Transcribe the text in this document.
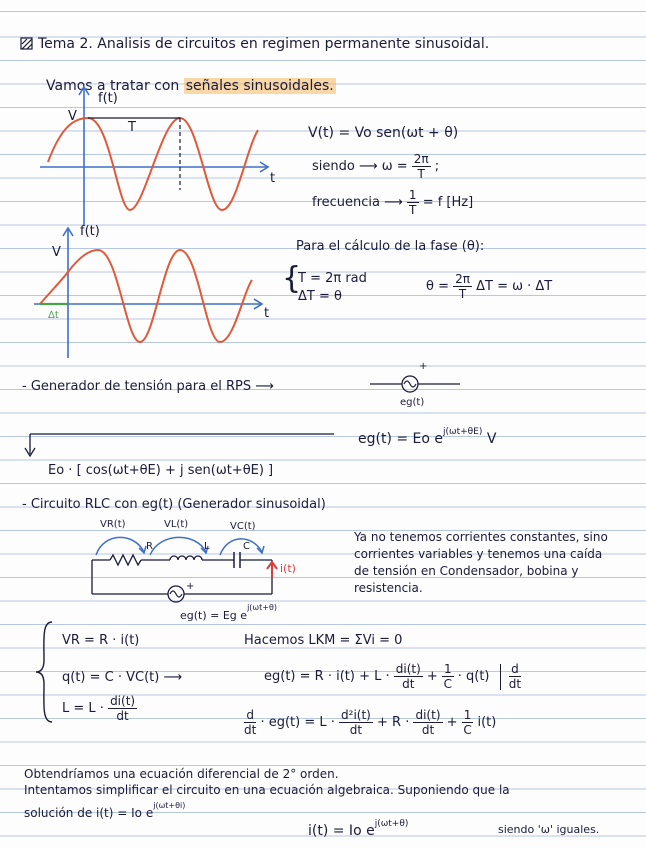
Tema 2. Analisis de circuitos en regimen permanente sinusoidal.
Vamos a tratar con señales sinusoidales.
f(t)
V
T
t
V(t) = Vo sen(ωt + θ)
siendo ⟶ $\omega = \frac{2\pi}{T}$ ;
frecuencia ⟶ $\frac{1}{T} = f$ [Hz]
f(t)
V
Δt	t
Para el cálculo de la fase (θ):
{
T = 2π rad
ΔT = θ
$\theta = \frac{2\pi}{T}$ ΔT = ω · ΔT
- Generador de tensión para el RPS ⟶
+
eg(t)
eg(t) = Eo $e^{j(\omega t+\theta E)}$ V
Eo · [ cos(ωt+θE) + j sen(ωt+θE) ]
- Circuito RLC con eg(t) (Generador sinusoidal)
VR(t)	VL(t)	VC(t)
R	L	C
i(t)
+
eg(t) = Eg $e^{j(\omega t+\theta)}$
Ya no tenemos corrientes constantes, sino
corrientes variables y tenemos una caída
de tensión en Condensador, bobina y
resistencia.
VR = R · i(t)
q(t) = C · VC(t) ⟶
$L = L \cdot \frac{di(t)}{dt}$
Hacemos LKM = ΣVi = 0
$eg(t) = R \cdot i(t) + L \cdot \frac{di(t)}{dt} + \frac{1}{C} \cdot q(t) \frac{d}{dt}$
$\frac{d}{dt} \cdot eg(t) = L \cdot \frac{\text{d²i(t)}}{dt} + R \cdot \frac{di(t)}{dt} + \frac{1}{C} i(t)$
Obtendríamos una ecuación diferencial de 2° orden.
Intentamos simplificar el circuito en una ecuación algebraica. Suponiendo que la
solución de i(t) = Io $e^{j(\omega t+\theta i)}$
i(t) = Io $e^{j(\omega t+\theta)}$	siendo 'ω' iguales.
